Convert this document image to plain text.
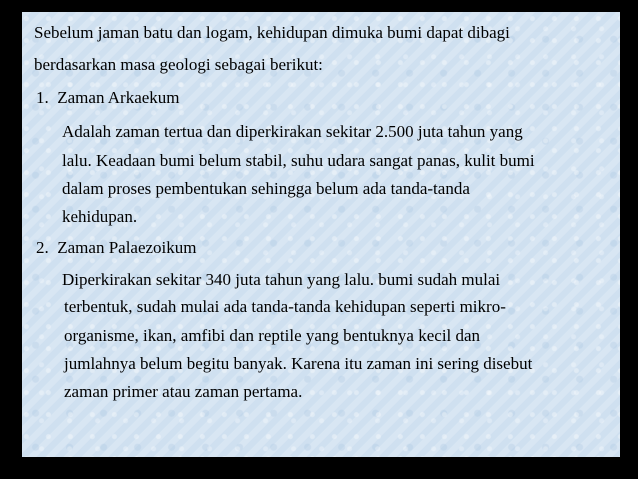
Sebelum jaman batu dan logam, kehidupan dimuka bumi dapat dibagi
berdasarkan masa geologi sebagai berikut:
1. Zaman Arkaekum
Adalah zaman tertua dan diperkirakan sekitar 2.500 juta tahun yang
lalu. Keadaan bumi belum stabil, suhu udara sangat panas, kulit bumi
dalam proses pembentukan sehingga belum ada tanda-tanda
kehidupan.
2. Zaman Palaezoikum
Diperkirakan sekitar 340 juta tahun yang lalu. bumi sudah mulai
terbentuk, sudah mulai ada tanda-tanda kehidupan seperti mikro-
organisme, ikan, amfibi dan reptile yang bentuknya kecil dan
jumlahnya belum begitu banyak. Karena itu zaman ini sering disebut
zaman primer atau zaman pertama.
